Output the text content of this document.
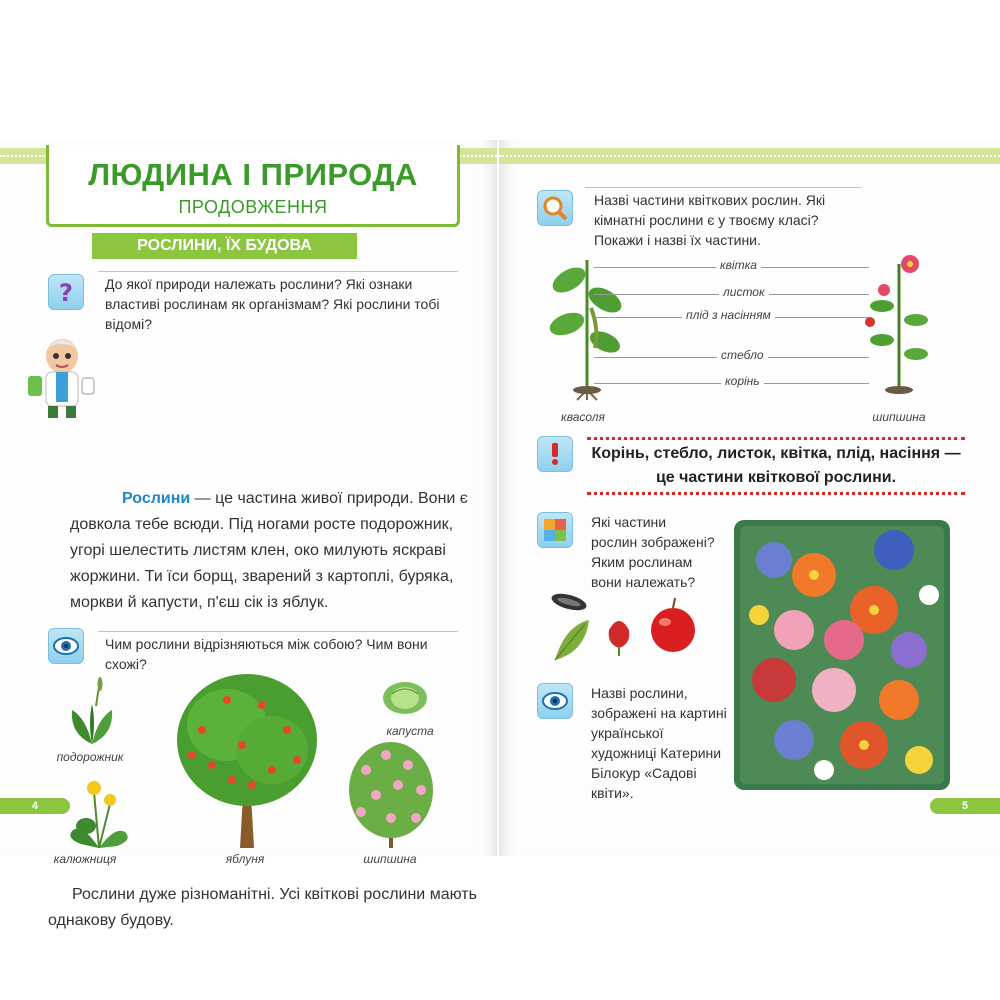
ЛЮДИНА І ПРИРОДА
ПРОДОВЖЕННЯ
РОСЛИНИ, ЇХ БУДОВА
? До якої природи належать рослини? Які ознаки властиві рослинам як організмам? Які рослини тобі відомі?
Рослини — це частина живої природи. Вони є довкола тебе всюди. Під ногами росте подорожник, угорі шелестить листям клен, око милують яскраві жоржини. Ти їси борщ, зварений з картоплі, буряка, моркви й капусти, п'єш сік із яблук.
Чим рослини відрізняються між собою? Чим вони схожі?
подорожник
калюжниця	яблуня
капуста
шипшина
Рослини дуже різноманітні. Усі квіткові рослини мають однакову будову.
4
Назві частини квіткових рослин. Які кімнатні рослини є у твоєму класі? Покажи і назві їх частини.
квасоля	шипшина
квітка
листок
плід з насінням
стебло
корінь
Корінь, стебло, листок, квітка, плід, насіння — це частини квіткової рослини.
Які частини рослин зображені? Яким рослинам вони належать?
Назві рослини, зображені на картині української художниці Катерини Білокур «Садові квіти».
5
